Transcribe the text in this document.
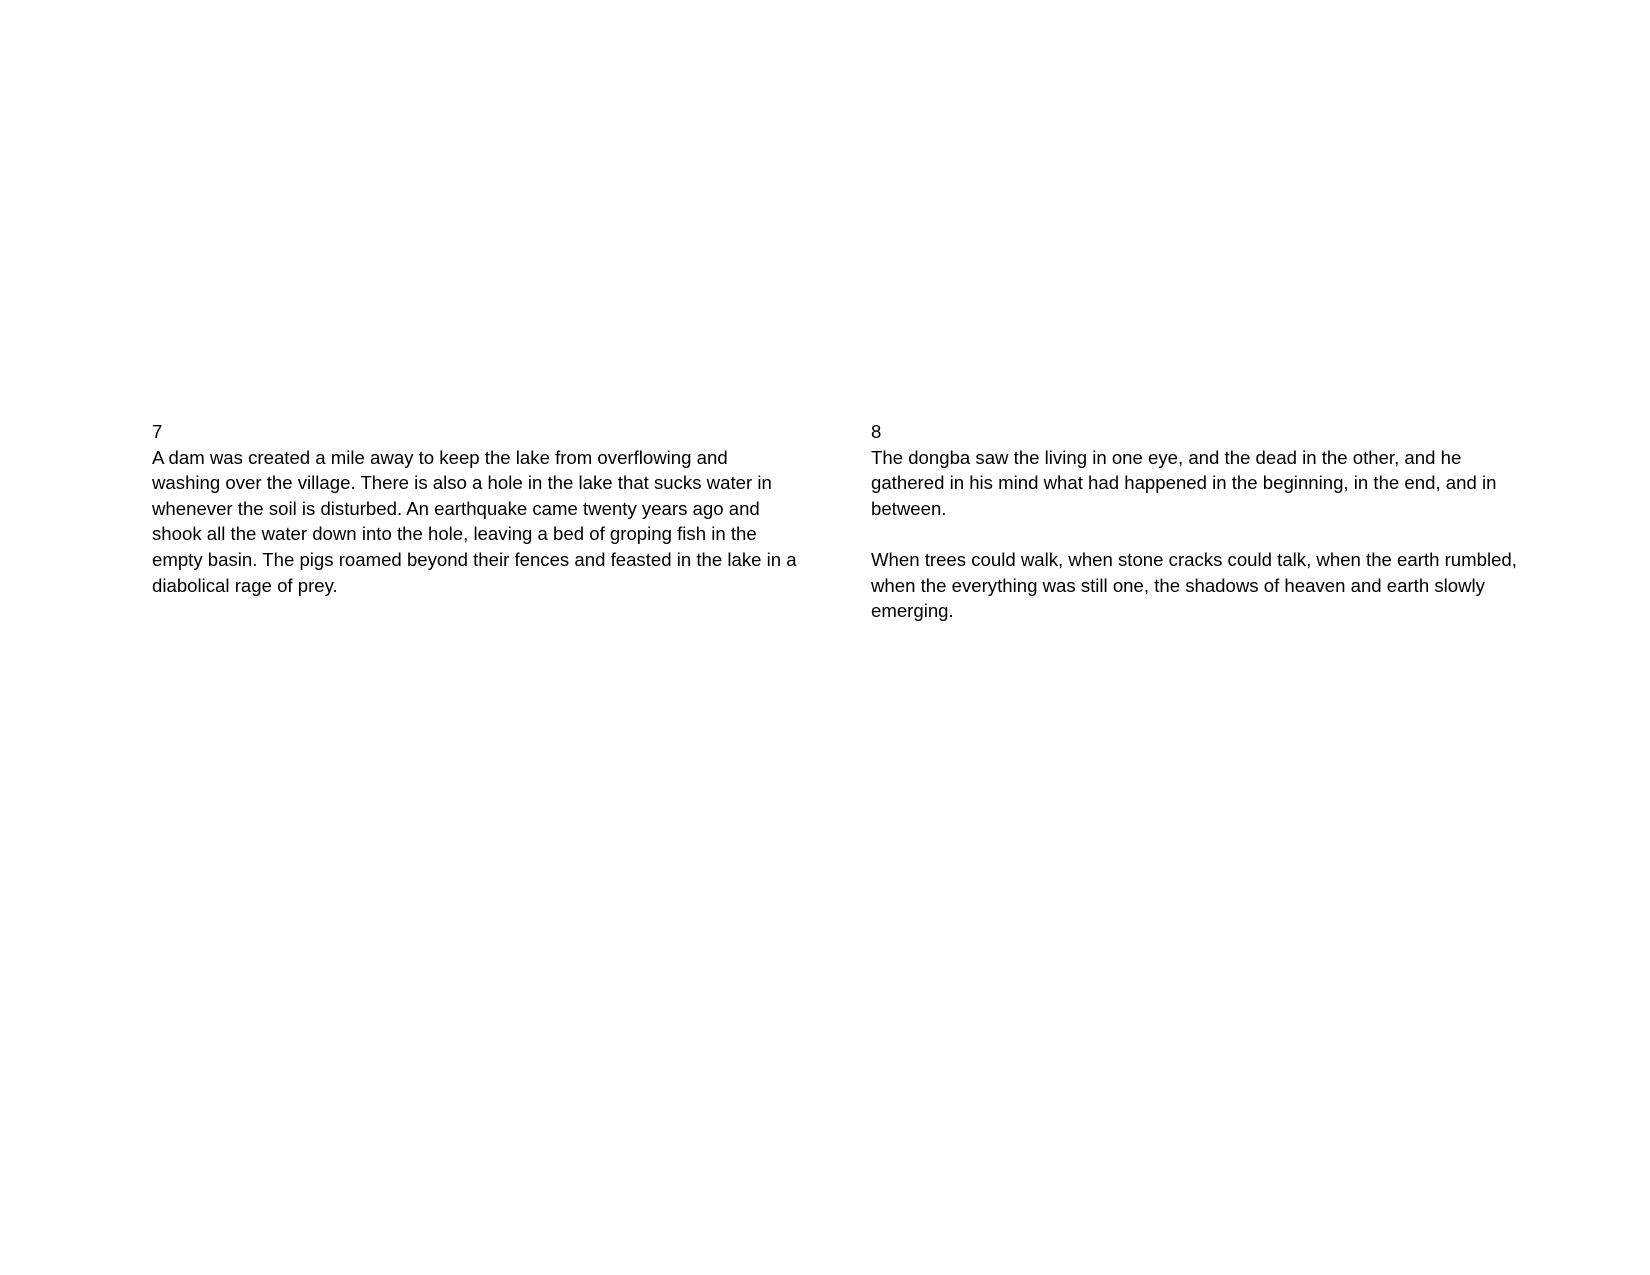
7

A dam was created a mile away to keep the lake from overflowing and washing over the village. There is also a hole in the lake that sucks water in whenever the soil is disturbed. An earthquake came twenty years ago and shook all the water down into the hole, leaving a bed of groping fish in the empty basin. The pigs roamed beyond their fences and feasted in the lake in a diabolical rage of prey.

8

The dongba saw the living in one eye, and the dead in the other, and he gathered in his mind what had happened in the beginning, in the end, and in between.

When trees could walk, when stone cracks could talk, when the earth rumbled, when the everything was still one, the shadows of heaven and earth slowly emerging.
